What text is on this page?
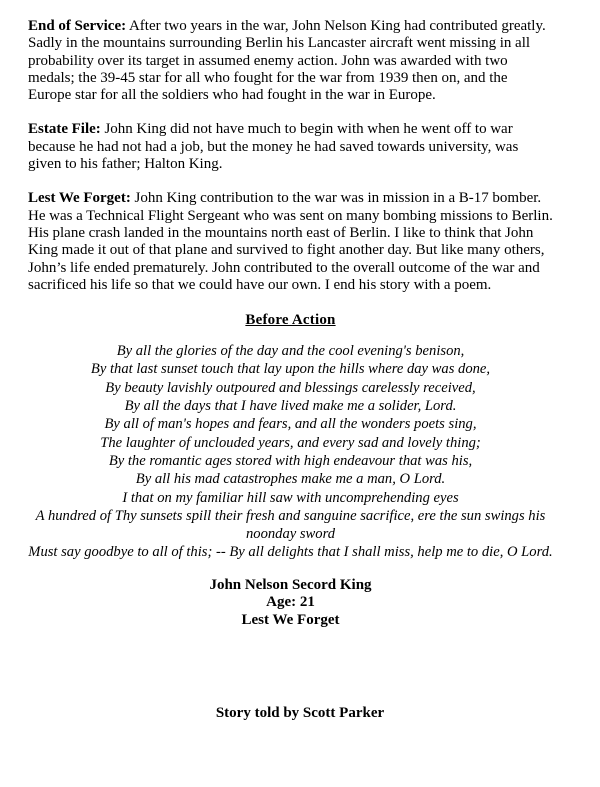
End of Service: After two years in the war, John Nelson King had contributed greatly. Sadly in the mountains surrounding Berlin his Lancaster aircraft went missing in all probability over its target in assumed enemy action. John was awarded with two medals; the 39-45 star for all who fought for the war from 1939 then on, and the Europe star for all the soldiers who had fought in the war in Europe.

Estate File: John King did not have much to begin with when he went off to war because he had not had a job, but the money he had saved towards university, was given to his father; Halton King.

Lest We Forget: John King contribution to the war was in mission in a B-17 bomber. He was a Technical Flight Sergeant who was sent on many bombing missions to Berlin. His plane crash landed in the mountains north east of Berlin. I like to think that John King made it out of that plane and survived to fight another day. But like many others, John’s life ended prematurely. John contributed to the overall outcome of the war and sacrificed his life so that we could have our own. I end his story with a poem.

Before Action
By all the glories of the day and the cool evening's benison,
By that last sunset touch that lay upon the hills where day was done,
By beauty lavishly outpoured and blessings carelessly received,
By all the days that I have lived make me a solider, Lord.
By all of man's hopes and fears, and all the wonders poets sing,
The laughter of unclouded years, and every sad and lovely thing;
By the romantic ages stored with high endeavour that was his,
By all his mad catastrophes make me a man, O Lord.
I that on my familiar hill saw with uncomprehending eyes
A hundred of Thy sunsets spill their fresh and sanguine sacrifice, ere the sun swings his noonday sword
Must say goodbye to all of this; -- By all delights that I shall miss, help me to die, O Lord.
John Nelson Secord King
Age: 21
Lest We Forget
Story told by Scott Parker
